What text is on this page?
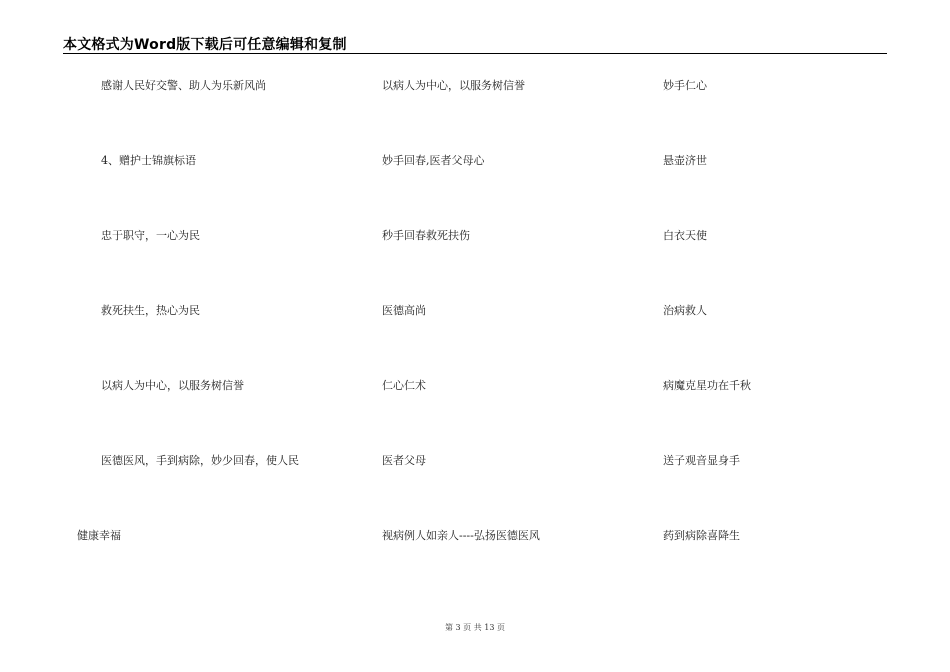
本文格式为Word版下载后可任意编辑和复制
感谢人民好交警、助人为乐新风尚	以病人为中心，以服务树信誉	妙手仁心
4、赠护士锦旗标语	妙手回春,医者父母心	悬壶济世
忠于职守，一心为民	秒手回春救死扶伤	白衣天使
救死扶生，热心为民	医德高尚	治病救人
以病人为中心，以服务树信誉	仁心仁术	病魔克星功在千秋
医德医风，手到病除，妙少回春，使人民	医者父母	送子观音显身手
健康幸福	视病例人如亲人----弘扬医德医风	药到病除喜降生
第 3 页 共 13 页
